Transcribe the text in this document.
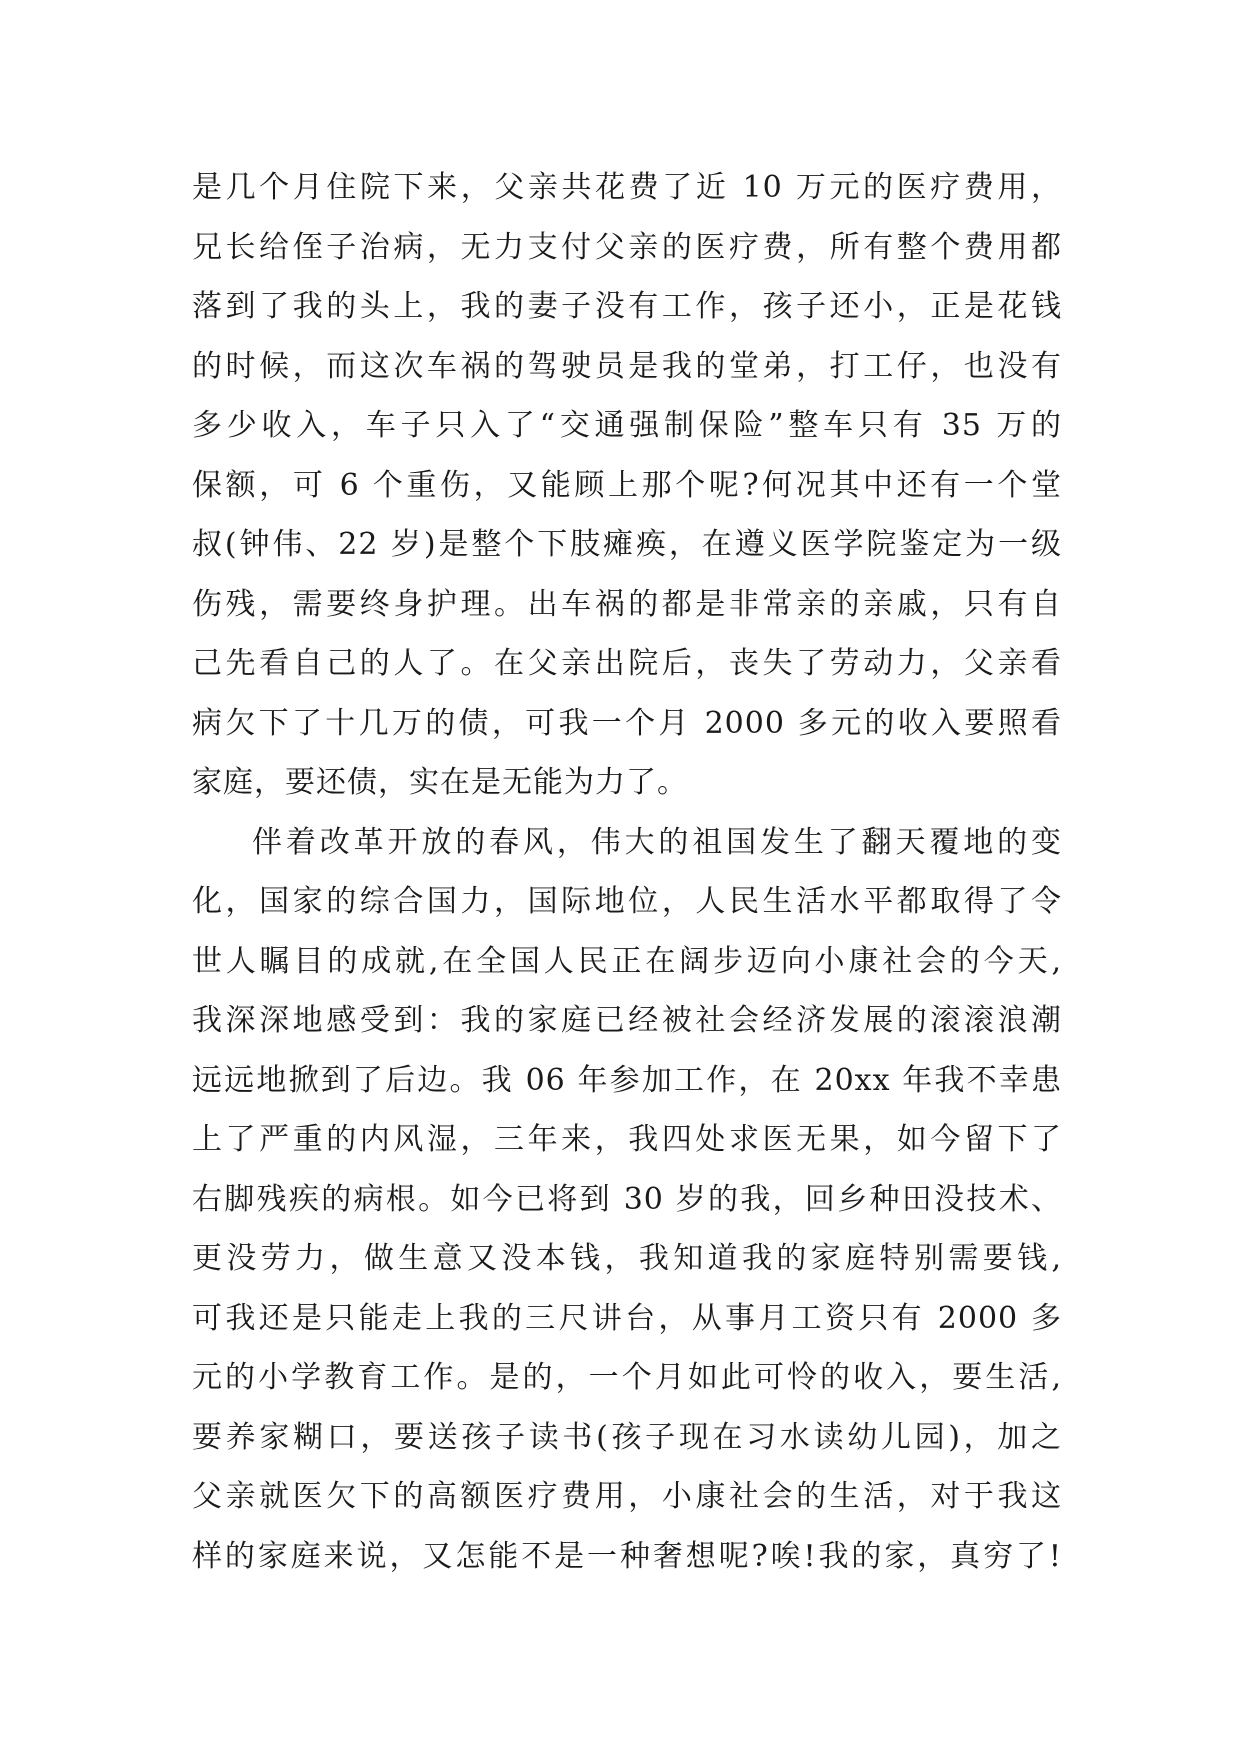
是几个月住院下来，父亲共花费了近 10 万元的医疗费用，
兄长给侄子治病，无力支付父亲的医疗费，所有整个费用都
落到了我的头上，我的妻子没有工作，孩子还小，正是花钱
的时候，而这次车祸的驾驶员是我的堂弟，打工仔，也没有
多少收入，车子只入了“交通强制保险”整车只有 35 万的
保额，可 6 个重伤，又能顾上那个呢?何况其中还有一个堂
叔(钟伟、22 岁)是整个下肢瘫痪，在遵义医学院鉴定为一级
伤残，需要终身护理。出车祸的都是非常亲的亲戚，只有自
己先看自己的人了。在父亲出院后，丧失了劳动力，父亲看
病欠下了十几万的债，可我一个月 2000 多元的收入要照看
家庭，要还债，实在是无能为力了。
伴着改革开放的春风，伟大的祖国发生了翻天覆地的变
化，国家的综合国力，国际地位，人民生活水平都取得了令
世人瞩目的成就,在全国人民正在阔步迈向小康社会的今天,
我深深地感受到：我的家庭已经被社会经济发展的滚滚浪潮
远远地掀到了后边。我 06 年参加工作，在 20xx 年我不幸患
上了严重的内风湿，三年来，我四处求医无果，如今留下了
右脚残疾的病根。如今已将到 30 岁的我，回乡种田没技术、
更没劳力，做生意又没本钱，我知道我的家庭特别需要钱,
可我还是只能走上我的三尺讲台，从事月工资只有 2000 多
元的小学教育工作。是的，一个月如此可怜的收入，要生活,
要养家糊口，要送孩子读书(孩子现在习水读幼儿园)，加之
父亲就医欠下的高额医疗费用，小康社会的生活，对于我这
样的家庭来说，又怎能不是一种奢想呢?唉!我的家，真穷了!
